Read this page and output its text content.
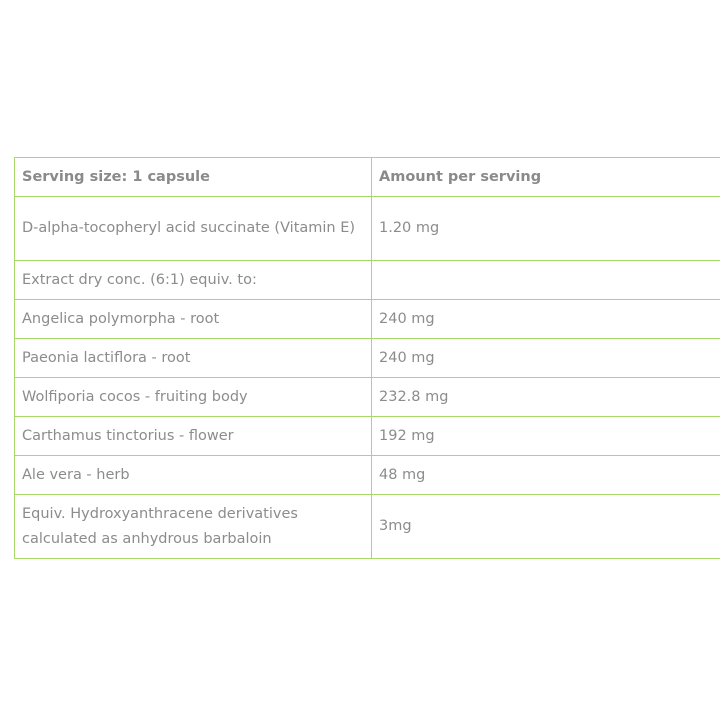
Serving size: 1 capsule	Amount per serving
D-alpha-tocopheryl acid succinate (Vitamin E)	1.20 mg
Extract dry conc. (6:1) equiv. to:	
Angelica polymorpha - root	240 mg
Paeonia lactiflora - root	240 mg
Wolfiporia cocos - fruiting body	232.8 mg
Carthamus tinctorius - flower	192 mg
Ale vera - herb	48 mg
Equiv. Hydroxyanthracene derivatives calculated as anhydrous barbaloin	3mg
